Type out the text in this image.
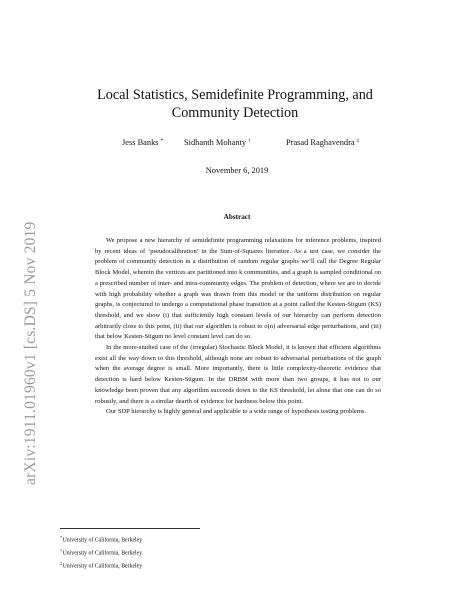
arXiv:1911.01960v1 [cs.DS] 5 Nov 2019
Local Statistics, Semidefinite Programming, and Community Detection
Jess Banks * Sidhanth Mohanty †	Prasad Raghavendra ‡
November 6, 2019
Abstract

We propose a new hierarchy of semidefinite programming relaxations for inference problems, inspired by recent ideas of ‘pseudocalibration’ in the Sum-of-Squares literature. As a test case, we consider the problem of community detection in a distribution of random regular graphs we’ll call the Degree Regular Block Model, wherein the vertices are partitioned into k communities, and a graph is sampled conditional on a prescribed number of inter- and intra-community edges. The problem of detection, where we are to decide with high probability whether a graph was drawn from this model or the uniform distribution on regular graphs, is conjectured to undergo a computational phase transition at a point called the Kesten-Stigum (KS) threshold, and we show (i) that sufficiently high constant levels of our hierarchy can perform detection arbitrarily close to this point, (ii) that our algorithm is robust to o(n) adversarial edge perturbations, and (iii) that below Kesten-Stigum no level constant level can do so.

In the more-studied case of the (irregular) Stochastic Block Model, it is known that efficient algorithms exist all the way down to this threshold, although none are robust to adversarial perturbations of the graph when the average degree is small. More importantly, there is little complexity-theoretic evidence that detection is hard below Kesten-Stigum. In the DRBM with more than two groups, it has not to our knowledge been proven that any algorithm succeeds down to the KS threshold, let alone that one can do so robustly, and there is a similar dearth of evidence for hardness below this point.

Our SDP hierarchy is highly general and applicable to a wide range of hypothesis testing problems.

*University of California, Berkeley
†University of California, Berkeley
‡University of California, Berkeley
